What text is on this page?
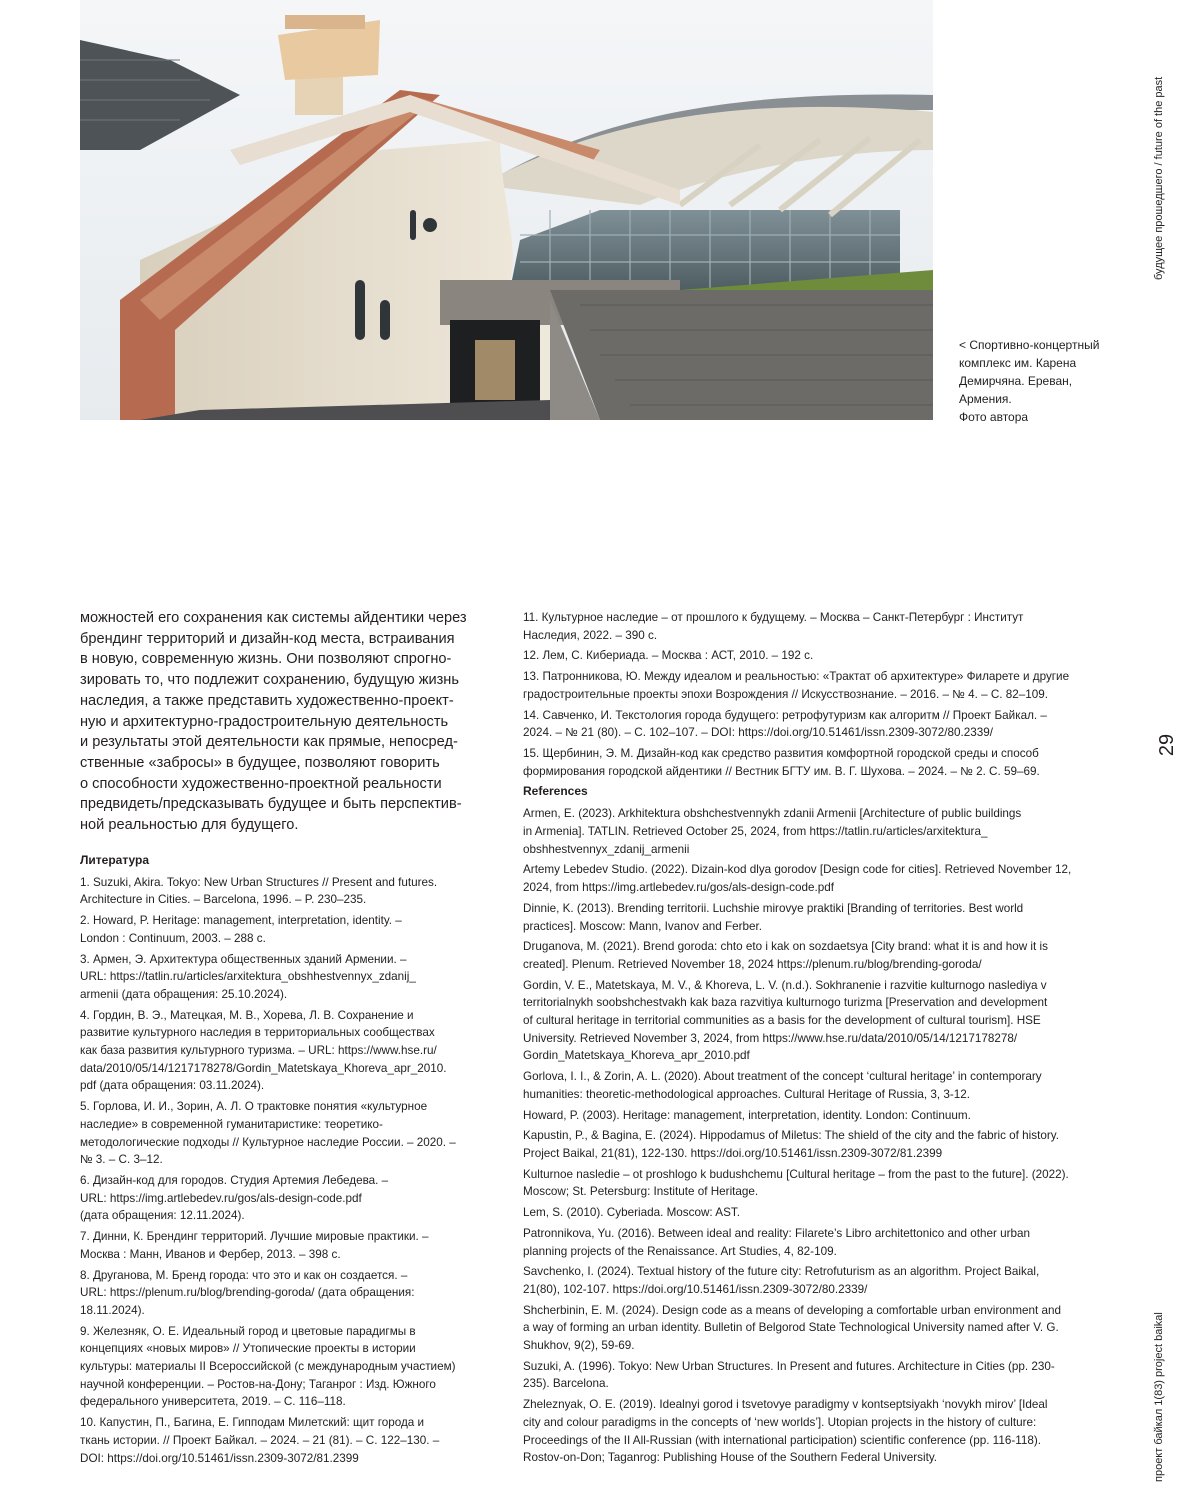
< Спортивно-концертный
комплекс им. Карена
Демирчяна. Ереван,
Армения.
Фото автора
будущее прошедшего / future of the past
29
проект байкал 1(83) project baikal
можностей его сохранения как системы айдентики через
брендинг территорий и дизайн-код места, встраивания
в новую, современную жизнь. Они позволяют спрогно-
зировать то, что подлежит сохранению, будущую жизнь
наследия, а также представить художественно-проект-
ную и архитектурно-градостроительную деятельность
и результаты этой деятельности как прямые, непосред-
ственные «забросы» в будущее, позволяют говорить
о способности художественно-проектной реальности
предвидеть/предсказывать будущее и быть перспектив-
ной реальностью для будущего.
Литература
1. Suzuki, Akira. Tokyo: New Urban Structures // Present and futures.
Architecture in Cities. – Barcelona, 1996. – P. 230–235.
2. Howard, P. Heritage: management, interpretation, identity. –
London : Continuum, 2003. – 288 с.
3. Армен, Э. Архитектура общественных зданий Армении. –
URL: https://tatlin.ru/articles/arxitektura_obshhestvennyx_zdanij_
armenii (дата обращения: 25.10.2024).
4. Гордин, В. Э., Матецкая, М. В., Хорева, Л. В. Сохранение и
развитие культурного наследия в территориальных сообществах
как база развития культурного туризма. – URL: https://www.hse.ru/
data/2010/05/14/1217178278/Gordin_Matetskaya_Khoreva_apr_2010.
pdf (дата обращения: 03.11.2024).
5. Горлова, И. И., Зорин, А. Л. О трактовке понятия «культурное
наследие» в современной гуманитаристике: теоретико-
методологические подходы // Культурное наследие России. – 2020. –
№ 3. – С. 3–12.
6. Дизайн-код для городов. Студия Артемия Лебедева. –
URL: https://img.artlebedev.ru/gos/als-design-code.pdf
(дата обращения: 12.11.2024).
7. Динни, К. Брендинг территорий. Лучшие мировые практики. –
Москва : Манн, Иванов и Фербер, 2013. – 398 с.
8. Друганова, М. Бренд города: что это и как он создается. –
URL: https://plenum.ru/blog/brending-goroda/ (дата обращения:
18.11.2024).
9. Железняк, О. Е. Идеальный город и цветовые парадигмы в
концепциях «новых миров» // Утопические проекты в истории
культуры: материалы II Всероссийской (с международным участием)
научной конференции. – Ростов-на-Дону; Таганрог : Изд. Южного
федерального университета, 2019. – С. 116–118.
10. Капустин, П., Багина, Е. Гипподам Милетский: щит города и
ткань истории. // Проект Байкал. – 2024. – 21 (81). – С. 122–130. –
DOI: https://doi.org/10.51461/issn.2309-3072/81.2399
11. Культурное наследие – от прошлого к будущему. – Москва – Санкт-Петербург : Институт
Наследия, 2022. – 390 с.
12. Лем, С. Кибериада. – Москва : АСТ, 2010. – 192 с.
13. Патронникова, Ю. Между идеалом и реальностью: «Трактат об архитектуре» Филарете и другие
градостроительные проекты эпохи Возрождения // Искусствознание. – 2016. – № 4. – С. 82–109.
14. Савченко, И. Текстология города будущего: ретрофутуризм как алгоритм // Проект Байкал. –
2024. – № 21 (80). – С. 102–107. – DOI: https://doi.org/10.51461/issn.2309-3072/80.2339/
15. Щербинин, Э. М. Дизайн-код как средство развития комфортной городской среды и способ
формирования городской айдентики // Вестник БГТУ им. В. Г. Шухова. – 2024. – № 2. С. 59–69.
References
Armen, E. (2023). Arkhitektura obshchestvennykh zdanii Armenii [Architecture of public buildings
in Armenia]. TATLIN. Retrieved October 25, 2024, from https://tatlin.ru/articles/arxitektura_
obshhestvennyx_zdanij_armenii
Artemy Lebedev Studio. (2022). Dizain-kod dlya gorodov [Design code for cities]. Retrieved November 12,
2024, from https://img.artlebedev.ru/gos/als-design-code.pdf
Dinnie, K. (2013). Brending territorii. Luchshie mirovye praktiki [Branding of territories. Best world
practices]. Moscow: Mann, Ivanov and Ferber.
Druganova, M. (2021). Brend goroda: chto eto i kak on sozdaetsya [City brand: what it is and how it is
created]. Plenum. Retrieved November 18, 2024 https://plenum.ru/blog/brending-goroda/
Gordin, V. E., Matetskaya, M. V., & Khoreva, L. V. (n.d.). Sokhranenie i razvitie kulturnogo naslediya v
territorialnykh soobshchestvakh kak baza razvitiya kulturnogo turizma [Preservation and development
of cultural heritage in territorial communities as a basis for the development of cultural tourism]. HSE
University. Retrieved November 3, 2024, from https://www.hse.ru/data/2010/05/14/1217178278/
Gordin_Matetskaya_Khoreva_apr_2010.pdf
Gorlova, I. I., & Zorin, A. L. (2020). About treatment of the concept ‘cultural heritage’ in contemporary
humanities: theoretic-methodological approaches. Cultural Heritage of Russia, 3, 3-12.
Howard, P. (2003). Heritage: management, interpretation, identity. London: Continuum.
Kapustin, P., & Bagina, E. (2024). Hippodamus of Miletus: The shield of the city and the fabric of history.
Project Baikal, 21(81), 122-130. https://doi.org/10.51461/issn.2309-3072/81.2399
Kulturnoe nasledie – ot proshlogo k budushchemu [Cultural heritage – from the past to the future]. (2022).
Moscow; St. Petersburg: Institute of Heritage.
Lem, S. (2010). Cyberiada. Moscow: AST.
Patronnikova, Yu. (2016). Between ideal and reality: Filarete’s Libro architettonico and other urban
planning projects of the Renaissance. Art Studies, 4, 82-109.
Savchenko, I. (2024). Textual history of the future city: Retrofuturism as an algorithm. Project Baikal,
21(80), 102-107. https://doi.org/10.51461/issn.2309-3072/80.2339/
Shcherbinin, E. M. (2024). Design code as a means of developing a comfortable urban environment and
a way of forming an urban identity. Bulletin of Belgorod State Technological University named after V. G.
Shukhov, 9(2), 59-69.
Suzuki, A. (1996). Tokyo: New Urban Structures. In Present and futures. Architecture in Cities (pp. 230-
235). Barcelona.
Zheleznyak, O. E. (2019). Idealnyi gorod i tsvetovye paradigmy v kontseptsiyakh ‘novykh mirov’ [Ideal
city and colour paradigms in the concepts of ‘new worlds’]. Utopian projects in the history of culture:
Proceedings of the II All-Russian (with international participation) scientific conference (pp. 116-118).
Rostov-on-Don; Taganrog: Publishing House of the Southern Federal University.
